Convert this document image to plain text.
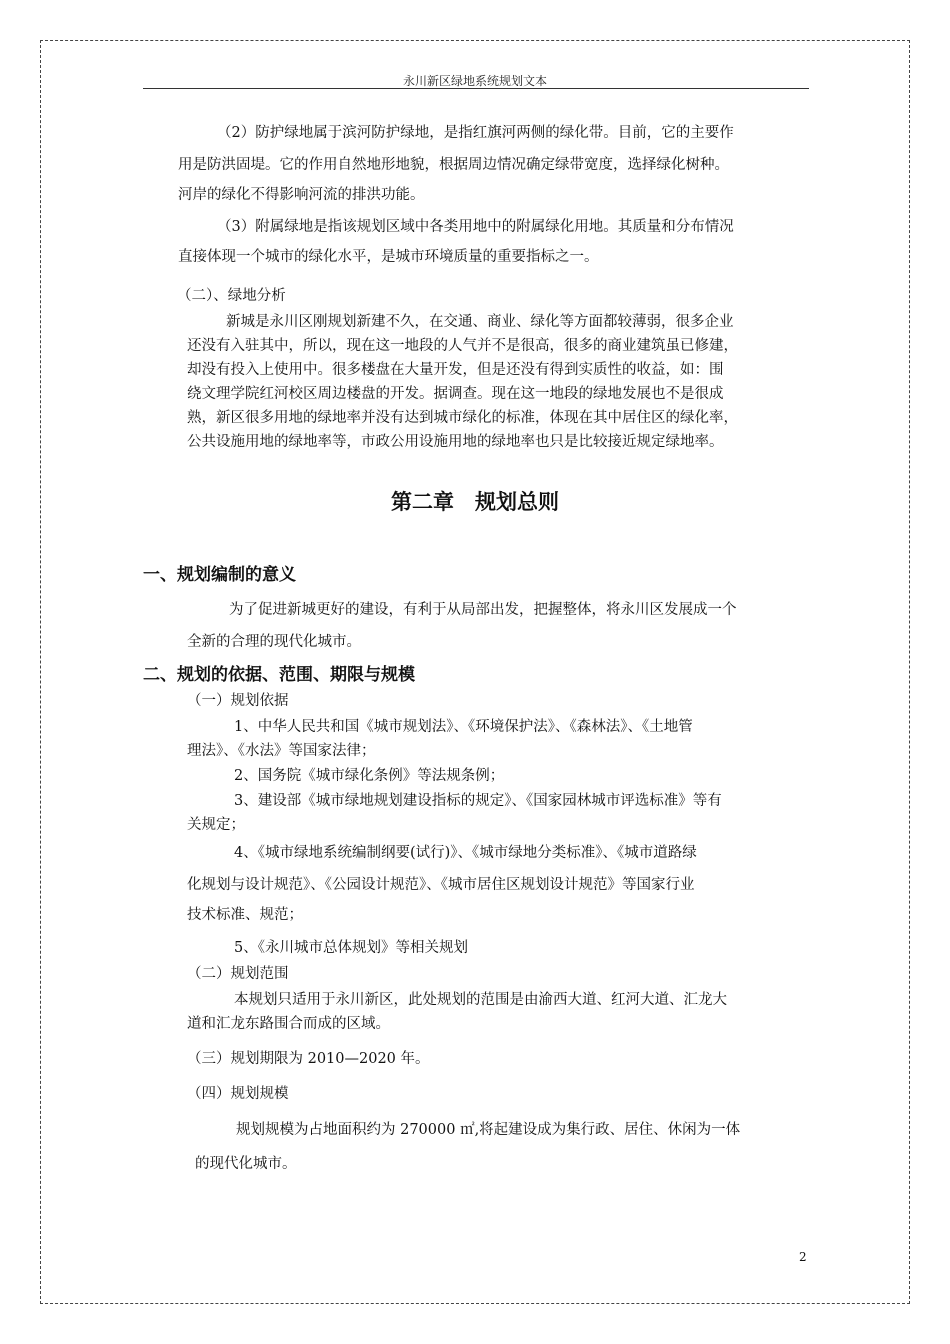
永川新区绿地系统规划文本
（2）防护绿地属于滨河防护绿地，是指红旗河两侧的绿化带。目前，它的主要作
用是防洪固堤。它的作用自然地形地貌，根据周边情况确定绿带宽度，选择绿化树种。
河岸的绿化不得影响河流的排洪功能。
（3）附属绿地是指该规划区域中各类用地中的附属绿化用地。其质量和分布情况
直接体现一个城市的绿化水平，是城市环境质量的重要指标之一。
（二）、绿地分析
新城是永川区刚规划新建不久，在交通、商业、绿化等方面都较薄弱，很多企业
还没有入驻其中，所以，现在这一地段的人气并不是很高，很多的商业建筑虽已修建，
却没有投入上使用中。很多楼盘在大量开发，但是还没有得到实质性的收益，如：围
绕文理学院红河校区周边楼盘的开发。据调查。现在这一地段的绿地发展也不是很成
熟，新区很多用地的绿地率并没有达到城市绿化的标准，体现在其中居住区的绿化率，
公共设施用地的绿地率等，市政公用设施用地的绿地率也只是比较接近规定绿地率。
第二章　规划总则
一、规划编制的意义
为了促进新城更好的建设，有利于从局部出发，把握整体，将永川区发展成一个
全新的合理的现代化城市。
二、规划的依据、范围、期限与规模
（一）规划依据
1、中华人民共和国《城市规划法》、《环境保护法》、《森林法》、《土地管
理法》、《水法》等国家法律；
2、国务院《城市绿化条例》等法规条例；
3、建设部《城市绿地规划建设指标的规定》、《国家园林城市评选标准》等有
关规定；
4、《城市绿地系统编制纲要(试行)》、《城市绿地分类标准》、《城市道路绿
化规划与设计规范》、《公园设计规范》、《城市居住区规划设计规范》等国家行业
技术标准、规范；
5、《永川城市总体规划》等相关规划
（二）规划范围
本规划只适用于永川新区，此处规划的范围是由渝西大道、红河大道、汇龙大
道和汇龙东路围合而成的区域。
（三）规划期限为 2010—2020 年。
（四）规划规模
规划规模为占地面积约为 270000 ㎡,将起建设成为集行政、居住、休闲为一体
的现代化城市。
2
